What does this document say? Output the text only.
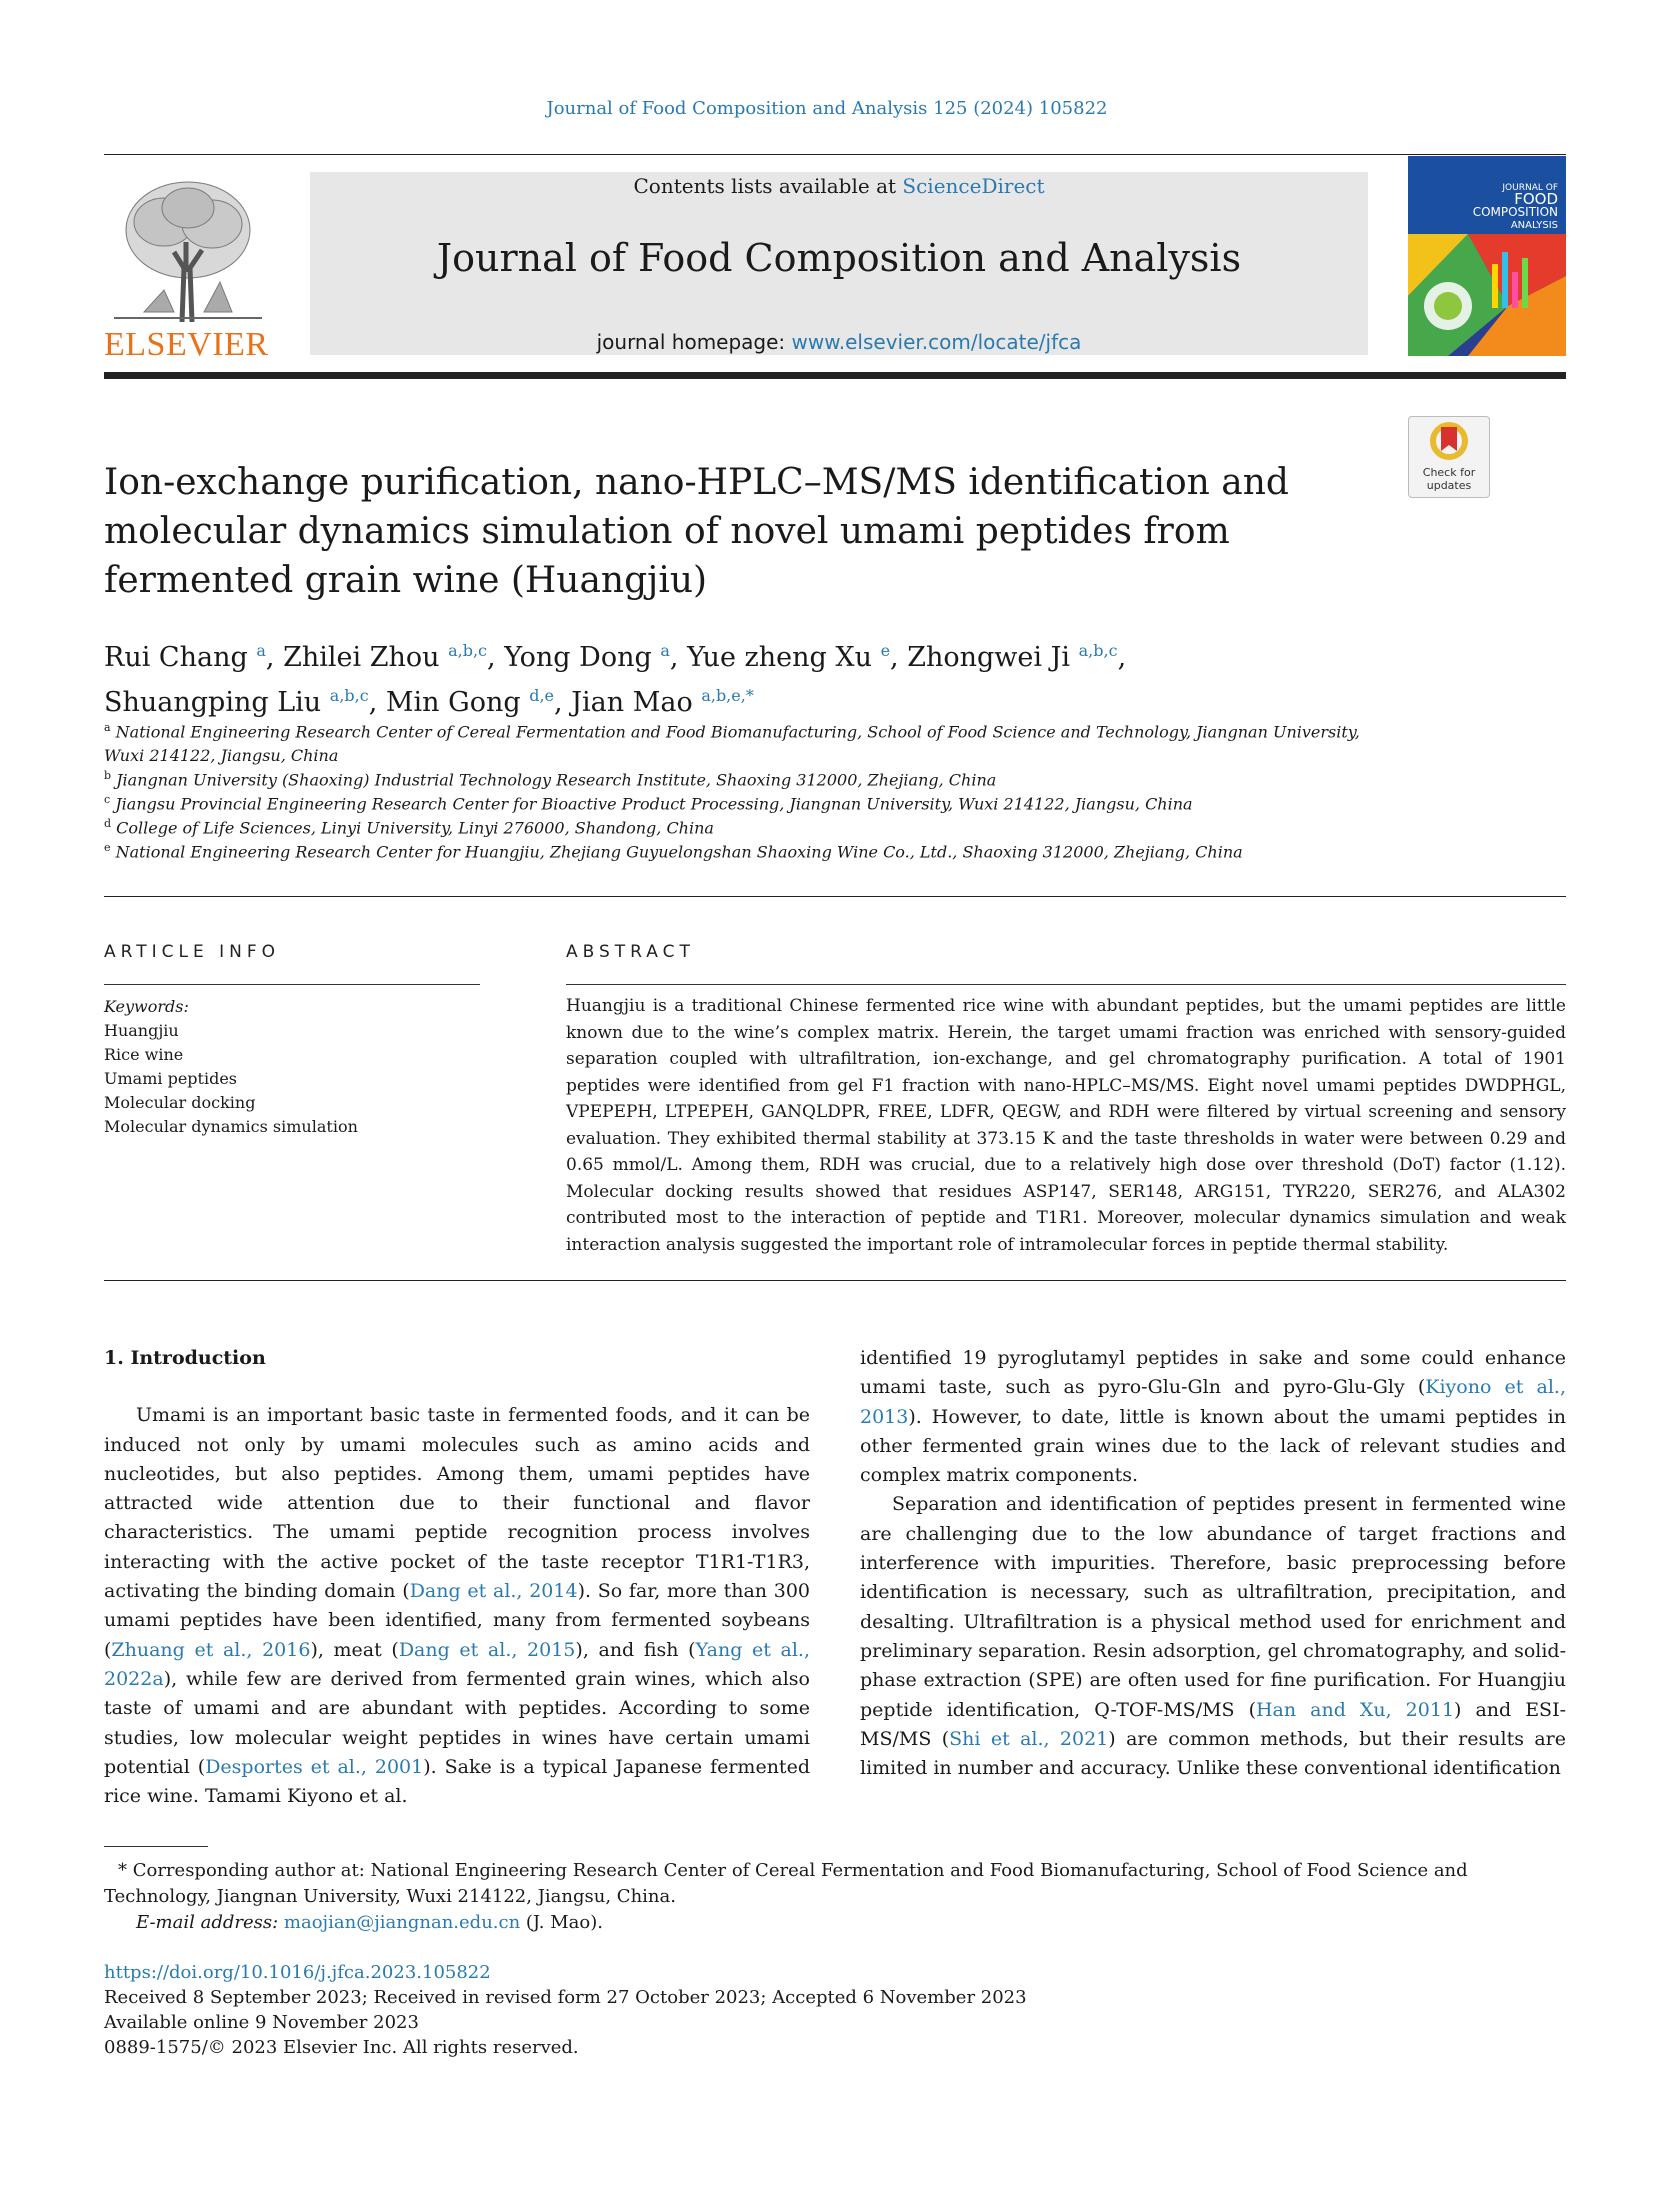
Journal of Food Composition and Analysis 125 (2024) 105822
ELSEVIER
Contents lists available at ScienceDirect
Journal of Food Composition and Analysis
journal homepage: www.elsevier.com/locate/jfca
JOURNAL OF
FOOD
COMPOSITION
ANALYSIS
Check for updates
Ion-exchange purification, nano-HPLC–MS/MS identification and molecular dynamics simulation of novel umami peptides from fermented grain wine (Huangjiu)
Rui Chang $^a$, Zhilei Zhou $^{a,b,c}$, Yong Dong $^a$, Yue zheng Xu $^e$, Zhongwei Ji $^{a,b,c}$,
Shuangping Liu $^{a,b,c}$, Min Gong $^{d,e}$, Jian Mao $^{a,b,e,*}$
$^a$ National Engineering Research Center of Cereal Fermentation and Food Biomanufacturing, School of Food Science and Technology, Jiangnan University, Wuxi 214122, Jiangsu, China
$^b$ Jiangnan University (Shaoxing) Industrial Technology Research Institute, Shaoxing 312000, Zhejiang, China
$^c$ Jiangsu Provincial Engineering Research Center for Bioactive Product Processing, Jiangnan University, Wuxi 214122, Jiangsu, China
$^d$ College of Life Sciences, Linyi University, Linyi 276000, Shandong, China
$^e$ National Engineering Research Center for Huangjiu, Zhejiang Guyuelongshan Shaoxing Wine Co., Ltd., Shaoxing 312000, Zhejiang, China
ARTICLE INFO
Keywords:
Huangjiu
Rice wine
Umami peptides
Molecular docking
Molecular dynamics simulation
ABSTRACT
Huangjiu is a traditional Chinese fermented rice wine with abundant peptides, but the umami peptides are little known due to the wine’s complex matrix. Herein, the target umami fraction was enriched with sensory-guided separation coupled with ultrafiltration, ion-exchange, and gel chromatography purification. A total of 1901 peptides were identified from gel F1 fraction with nano-HPLC–MS/MS. Eight novel umami peptides DWDPHGL, VPEPEPH, LTPEPEH, GANQLDPR, FREE, LDFR, QEGW, and RDH were filtered by virtual screening and sensory evaluation. They exhibited thermal stability at 373.15 K and the taste thresholds in water were between 0.29 and 0.65 mmol/L. Among them, RDH was crucial, due to a relatively high dose over threshold (DoT) factor (1.12). Molecular docking results showed that residues ASP147, SER148, ARG151, TYR220, SER276, and ALA302 contributed most to the interaction of peptide and T1R1. Moreover, molecular dynamics simulation and weak interaction analysis suggested the important role of intramolecular forces in peptide thermal stability.
1. Introduction

Umami is an important basic taste in fermented foods, and it can be induced not only by umami molecules such as amino acids and nucleotides, but also peptides. Among them, umami peptides have attracted wide attention due to their functional and flavor characteristics. The umami peptide recognition process involves interacting with the active pocket of the taste receptor T1R1-T1R3, activating the binding domain (Dang et al., 2014). So far, more than 300 umami peptides have been identified, many from fermented soybeans (Zhuang et al., 2016), meat (Dang et al., 2015), and fish (Yang et al., 2022a), while few are derived from fermented grain wines, which also taste of umami and are abundant with peptides. According to some studies, low molecular weight peptides in wines have certain umami potential (Desportes et al., 2001). Sake is a typical Japanese fermented rice wine. Tamami Kiyono et al.

identified 19 pyroglutamyl peptides in sake and some could enhance umami taste, such as pyro-Glu-Gln and pyro-Glu-Gly (Kiyono et al., 2013). However, to date, little is known about the umami peptides in other fermented grain wines due to the lack of relevant studies and complex matrix components.

Separation and identification of peptides present in fermented wine are challenging due to the low abundance of target fractions and interference with impurities. Therefore, basic preprocessing before identification is necessary, such as ultrafiltration, precipitation, and desalting. Ultrafiltration is a physical method used for enrichment and preliminary separation. Resin adsorption, gel chromatography, and solid-phase extraction (SPE) are often used for fine purification. For Huangjiu peptide identification, Q-TOF-MS/MS (Han and Xu, 2011) and ESI-MS/MS (Shi et al., 2021) are common methods, but their results are limited in number and accuracy. Unlike these conventional identification

* Corresponding author at: National Engineering Research Center of Cereal Fermentation and Food Biomanufacturing, School of Food Science and Technology, Jiangnan University, Wuxi 214122, Jiangsu, China.
E-mail address: maojian@jiangnan.edu.cn (J. Mao).
https://doi.org/10.1016/j.jfca.2023.105822
Received 8 September 2023; Received in revised form 27 October 2023; Accepted 6 November 2023
Available online 9 November 2023
0889-1575/© 2023 Elsevier Inc. All rights reserved.
